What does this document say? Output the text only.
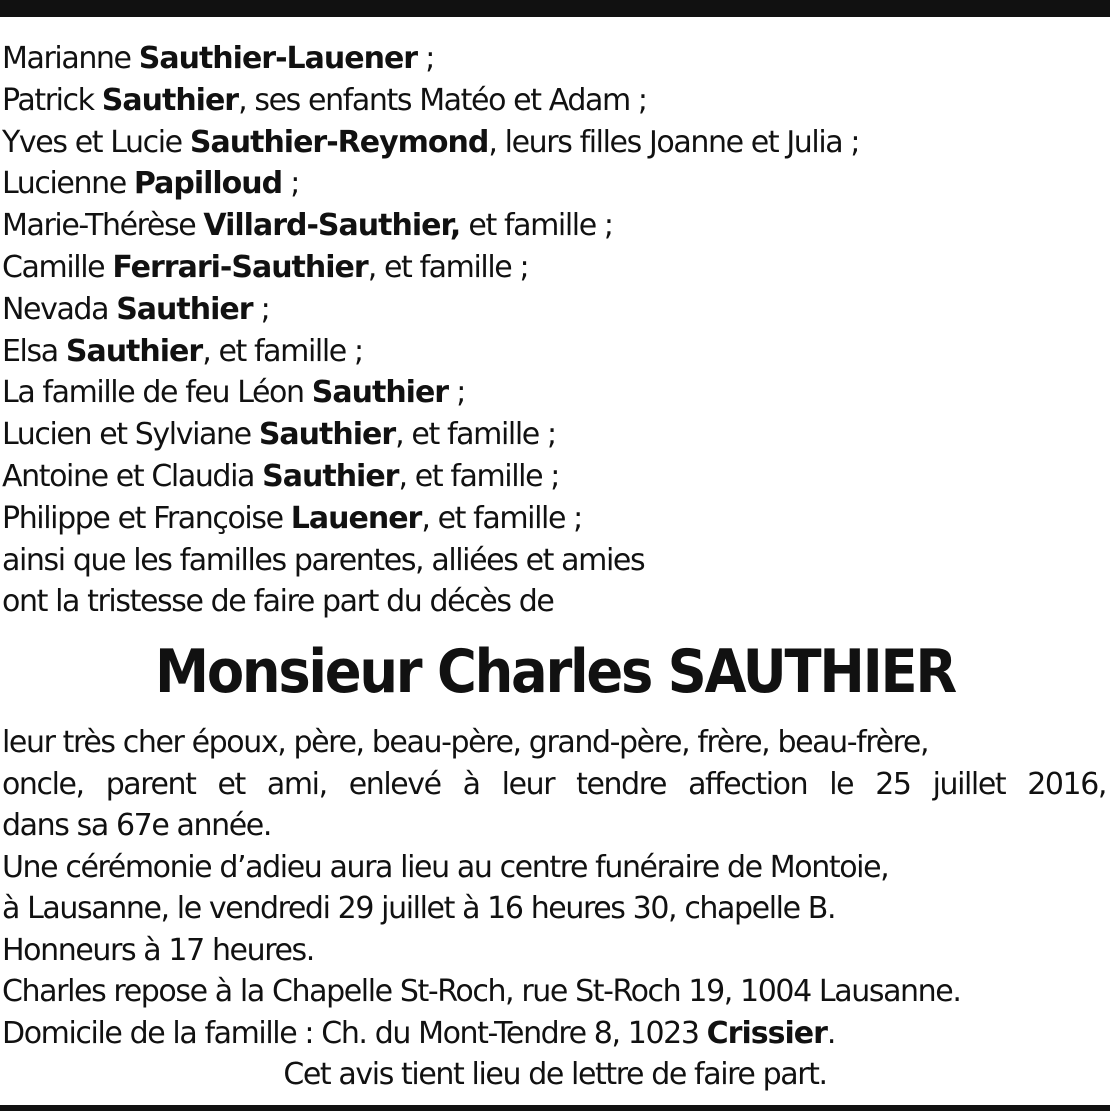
Marianne Sauthier-Lauener ;
Patrick Sauthier, ses enfants Matéo et Adam ;
Yves et Lucie Sauthier-Reymond, leurs filles Joanne et Julia ;
Lucienne Papilloud ;
Marie-Thérèse Villard-Sauthier, et famille ;
Camille Ferrari-Sauthier, et famille ;
Nevada Sauthier ;
Elsa Sauthier, et famille ;
La famille de feu Léon Sauthier ;
Lucien et Sylviane Sauthier, et famille ;
Antoine et Claudia Sauthier, et famille ;
Philippe et Françoise Lauener, et famille ;
ainsi que les familles parentes, alliées et amies
ont la tristesse de faire part du décès de
Monsieur Charles SAUTHIER
leur très cher époux, père, beau-père, grand-père, frère, beau-frère,
oncle, parent et ami, enlevé à leur tendre affection le 25 juillet 2016,
dans sa 67e année.
Une cérémonie d’adieu aura lieu au centre funéraire de Montoie,
à Lausanne, le vendredi 29 juillet à 16 heures 30, chapelle B.
Honneurs à 17 heures.
Charles repose à la Chapelle St-Roch, rue St-Roch 19, 1004 Lausanne.
Domicile de la famille : Ch. du Mont-Tendre 8, 1023 Crissier.
Cet avis tient lieu de lettre de faire part.
